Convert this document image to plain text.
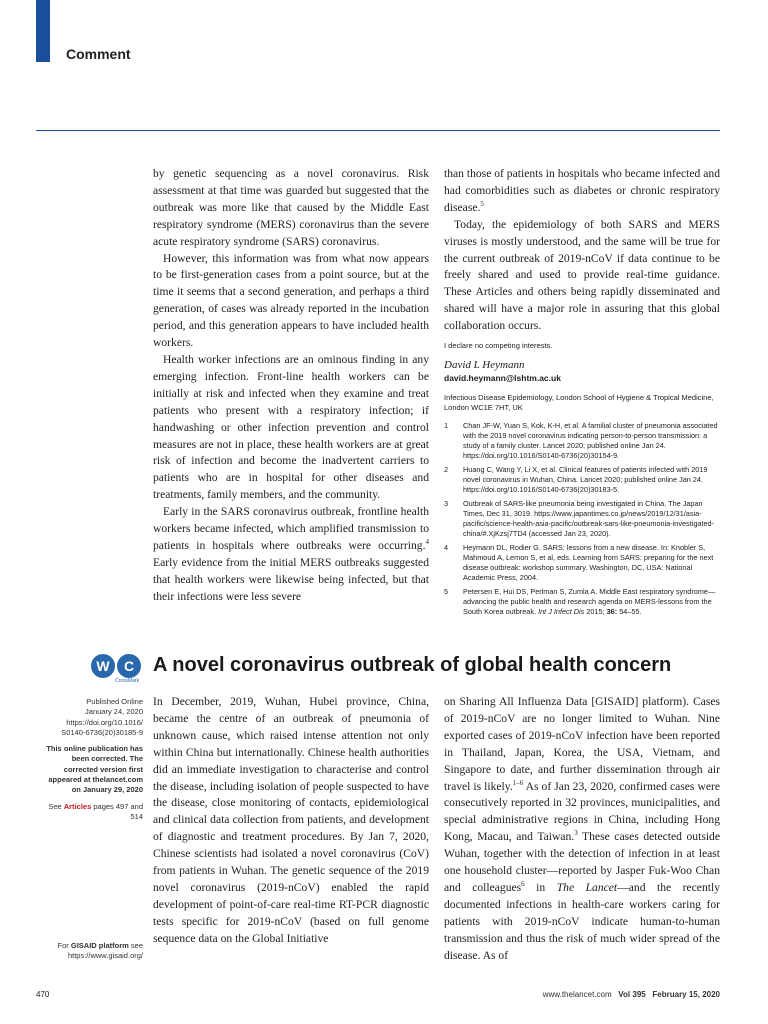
Comment

by genetic sequencing as a novel coronavirus. Risk assessment at that time was guarded but suggested that the outbreak was more like that caused by the Middle East respiratory syndrome (MERS) coronavirus than the severe acute respiratory syndrome (SARS) coronavirus.

However, this information was from what now appears to be first-generation cases from a point source, but at the time it seems that a second generation, and perhaps a third generation, of cases was already reported in the incubation period, and this generation appears to have included health workers.

Health worker infections are an ominous finding in any emerging infection. Front-line health workers can be initially at risk and infected when they examine and treat patients who present with a respiratory infection; if handwashing or other infection prevention and control measures are not in place, these health workers are at great risk of infection and become the inadvertent carriers to patients who are in hospital for other diseases and treatments, family members, and the community.

Early in the SARS coronavirus outbreak, frontline health workers became infected, which amplified transmission to patients in hospitals where outbreaks were occurring.$^4$ Early evidence from the initial MERS outbreaks suggested that health workers were likewise being infected, but that their infections were less severe

than those of patients in hospitals who became infected and had comorbidities such as diabetes or chronic respiratory disease.$^5$

Today, the epidemiology of both SARS and MERS viruses is mostly understood, and the same will be true for the current outbreak of 2019-nCoV if data continue to be freely shared and used to provide real-time guidance. These Articles and others being rapidly disseminated and shared will have a major role in assuring that this global collaboration occurs.

I declare no competing interests.

David L Heymann

david.heymann@lshtm.ac.uk

Infectious Disease Epidemiology, London School of Hygiene & Tropical Medicine, London WC1E 7HT, UK

1	Chan JF-W, Yuan S, Kok, K-H, et al. A familial cluster of pneumonia associated with the 2019 novel coronavirus indicating person-to-person transmission: a study of a family cluster. Lancet 2020; published online Jan 24. https://doi.org/10.1016/S0140-6736(20)30154-9.
2	Huang C, Wang Y, Li X, et al. Clinical features of patients infected with 2019 novel coronavirus in Wuhan, China. Lancet 2020; published online Jan 24. https://doi.org/10.1016/S0140-6736(20)30183-5.
3	Outbreak of SARS-like pneumonia being investigated in China. The Japan Times, Dec 31, 3019. https://www.japantimes.co.jp/news/2019/12/31/asia-pacific/science-health-asia-pacific/outbreak-sars-like-pneumonia-investigated-china/#.XjKzsj7TD4 (accessed Jan 23, 2020).
4	Heymann DL, Rodier G. SARS: lessons from a new disease. In: Knobler S, Mahmoud A, Lemon S, et al, eds. Learning from SARS: preparing for the next disease outbreak: workshop summary. Washington, DC, USA: National Academic Press, 2004.
5	Petersen E, Hui DS, Perlman S, Zumla A. Middle East respiratory syndrome—advancing the public health and research agenda on MERS-lessons from the South Korea outbreak. Int J Infect Dis 2015; 36: 54–55.
W	C
CrossMark
A novel coronavirus outbreak of global health concern
Published Online
January 24, 2020
https://doi.org/10.1016/
S0140-6736(20)30185-9
This online publication has been corrected. The corrected version first appeared at thelancet.com on January 29, 2020
See Articles pages 497 and 514
For GISAID platform see https://www.gisaid.org/

In December, 2019, Wuhan, Hubei province, China, became the centre of an outbreak of pneumonia of unknown cause, which raised intense attention not only within China but internationally. Chinese health authorities did an immediate investigation to characterise and control the disease, including isolation of people suspected to have the disease, close monitoring of contacts, epidemiological and clinical data collection from patients, and development of diagnostic and treatment procedures. By Jan 7, 2020, Chinese scientists had isolated a novel coronavirus (CoV) from patients in Wuhan. The genetic sequence of the 2019 novel coronavirus (2019-nCoV) enabled the rapid development of point-of-care real-time RT-PCR diagnostic tests specific for 2019-nCoV (based on full genome sequence data on the Global Initiative

on Sharing All Influenza Data [GISAID] platform). Cases of 2019-nCoV are no longer limited to Wuhan. Nine exported cases of 2019-nCoV infection have been reported in Thailand, Japan, Korea, the USA, Vietnam, and Singapore to date, and further dissemination through air travel is likely.$^{1-6}$ As of Jan 23, 2020, confirmed cases were consecutively reported in 32 provinces, municipalities, and special administrative regions in China, including Hong Kong, Macau, and Taiwan.$^3$ These cases detected outside Wuhan, together with the detection of infection in at least one household cluster—reported by Jasper Fuk-Woo Chan and colleagues$^6$ in The Lancet—and the recently documented infections in health-care workers caring for patients with 2019-nCoV indicate human-to-human transmission and thus the risk of much wider spread of the disease. As of

470	www.thelancet.com Vol 395 February 15, 2020
